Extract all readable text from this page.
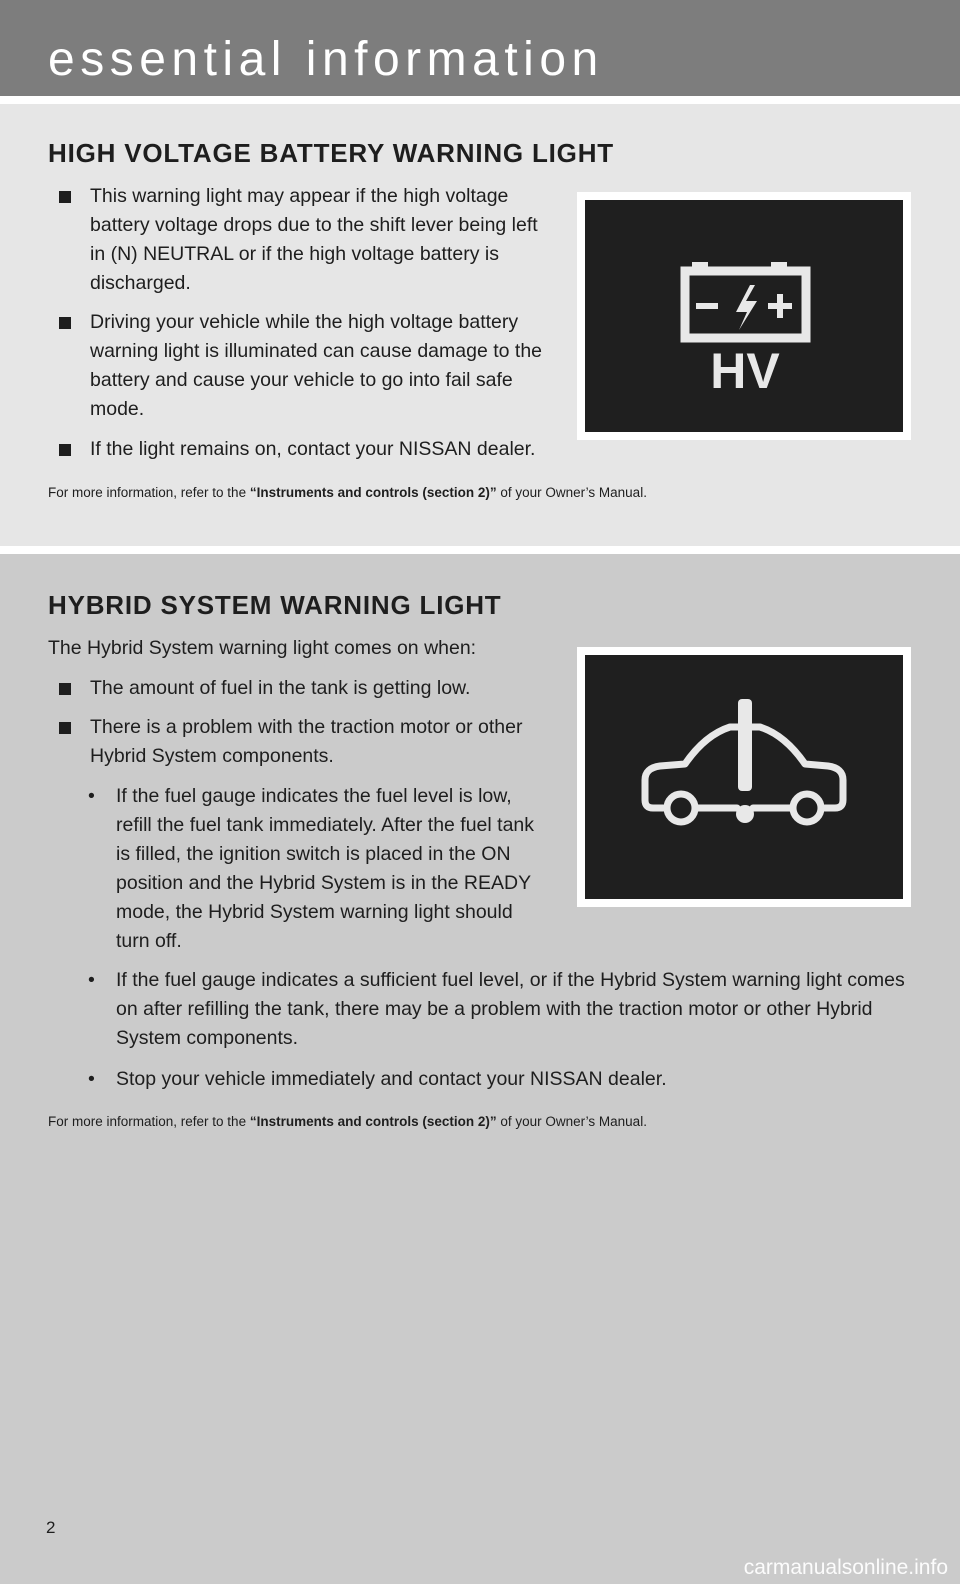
essential information
HIGH VOLTAGE BATTERY WARNING LIGHT
This warning light may appear if the high voltage battery voltage drops due to the shift lever being left in (N) NEUTRAL or if the high voltage battery is discharged.
Driving your vehicle while the high voltage battery warning light is illuminated can cause damage to the battery and cause your vehicle to go into fail safe mode.
If the light remains on, contact your NISSAN dealer.
For more information, refer to the “Instruments and controls (section 2)” of your Owner’s Manual.
HV
HYBRID SYSTEM WARNING LIGHT

The Hybrid System warning light comes on when:

The amount of fuel in the tank is getting low.
There is a problem with the traction motor or other Hybrid System components.
• If the fuel gauge indicates the fuel level is low, refill the fuel tank immediately. After the fuel tank is filled, the ignition switch is placed in the ON position and the Hybrid System is in the READY mode, the Hybrid System warning light should turn off.
• If the fuel gauge indicates a sufficient fuel level, or if the Hybrid System warning light comes on after refilling the tank, there may be a problem with the traction motor or other Hybrid System components.
• Stop your vehicle immediately and contact your NISSAN dealer.
For more information, refer to the “Instruments and controls (section 2)” of your Owner’s Manual.
2
carmanualsonline.info
